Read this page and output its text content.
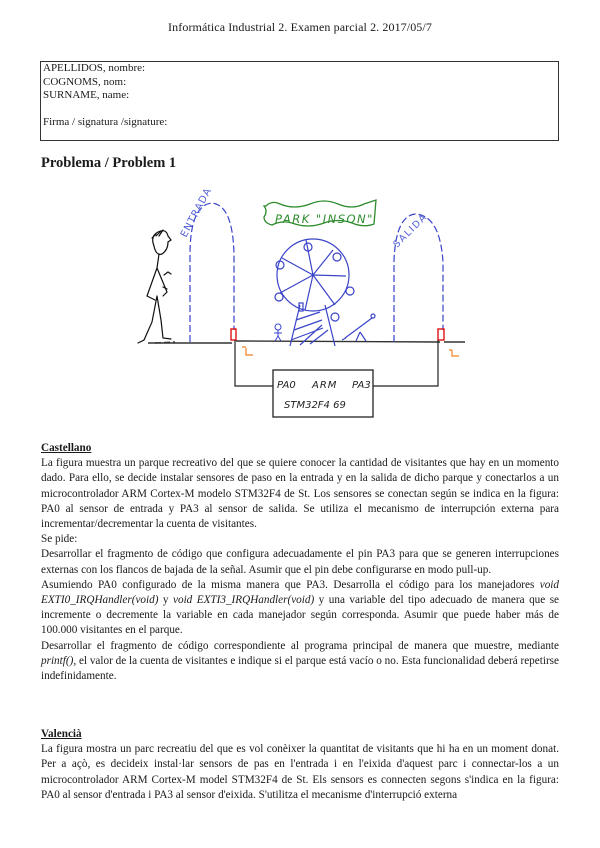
Informática Industrial 2. Examen parcial 2. 2017/05/7
APELLIDOS, nombre:
COGNOMS, nom:
SURNAME, name:
Firma / signatura /signature:
Problema / Problem 1
ENTRADA	PARK "INSON" SALIDA
PA0 ARM PA3
STM32F4 69

Castellano

La figura muestra un parque recreativo del que se quiere conocer la cantidad de visitantes que hay en un momento dado. Para ello, se decide instalar sensores de paso en la entrada y en la salida de dicho parque y conectarlos a un microcontrolador ARM Cortex-M modelo STM32F4 de St. Los sensores se conectan según se indica en la figura: PA0 al sensor de entrada y PA3 al sensor de salida. Se utiliza el mecanismo de interrupción externa para incrementar/decrementar la cuenta de visitantes.

Se pide:

Desarrollar el fragmento de código que configura adecuadamente el pin PA3 para que se generen interrupciones externas con los flancos de bajada de la señal. Asumir que el pin debe configurarse en modo pull-up.

Asumiendo PA0 configurado de la misma manera que PA3. Desarrolla el código para los manejadores void EXTI0_IRQHandler(void) y void EXTI3_IRQHandler(void) y una variable del tipo adecuado de manera que se incremente o decremente la variable en cada manejador según corresponda. Asumir que puede haber más de 100.000 visitantes en el parque.

Desarrollar el fragmento de código correspondiente al programa principal de manera que muestre, mediante printf(), el valor de la cuenta de visitantes e indique si el parque está vacío o no. Esta funcionalidad deberá repetirse indefinidamente.

Valencià

La figura mostra un parc recreatiu del que es vol conèixer la quantitat de visitants que hi ha en un moment donat. Per a açò, es decideix instal·lar sensors de pas en l'entrada i en l'eixida d'aquest parc i connectar-los a un microcontrolador ARM Cortex-M model STM32F4 de St. Els sensors es connecten segons s'indica en la figura: PA0 al sensor d'entrada i PA3 al sensor d'eixida. S'utilitza el mecanisme d'interrupció externa
